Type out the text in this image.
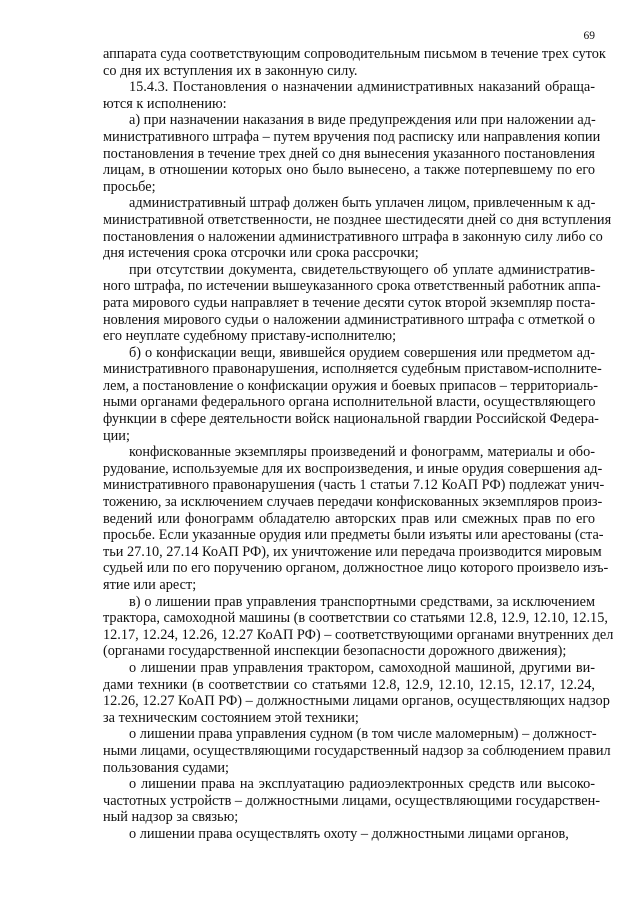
69
аппарата суда соответствующим сопроводительным письмом в течение трех суток
со дня их вступления их в законную силу.
15.4.3. Постановления о назначении административных наказаний обраща-
ются к исполнению:
а) при назначении наказания в виде предупреждения или при наложении ад-
министративного штрафа – путем вручения под расписку или направления копии
постановления в течение трех дней со дня вынесения указанного постановления
лицам, в отношении которых оно было вынесено, а также потерпевшему по его
просьбе;
административный штраф должен быть уплачен лицом, привлеченным к ад-
министративной ответственности, не позднее шестидесяти дней со дня вступления
постановления о наложении административного штрафа в законную силу либо со
дня истечения срока отсрочки или срока рассрочки;
при отсутствии документа, свидетельствующего об уплате административ-
ного штрафа, по истечении вышеуказанного срока ответственный работник аппа-
рата мирового судьи направляет в течение десяти суток второй экземпляр поста-
новления мирового судьи о наложении административного штрафа с отметкой о
его неуплате судебному приставу-исполнителю;
б) о конфискации вещи, явившейся орудием совершения или предметом ад-
министративного правонарушения, исполняется судебным приставом-исполните-
лем, а постановление о конфискации оружия и боевых припасов – территориаль-
ными органами федерального органа исполнительной власти, осуществляющего
функции в сфере деятельности войск национальной гвардии Российской Федера-
ции;
конфискованные экземпляры произведений и фонограмм, материалы и обо-
рудование, используемые для их воспроизведения, и иные орудия совершения ад-
министративного правонарушения (часть 1 статьи 7.12 КоАП РФ) подлежат унич-
тожению, за исключением случаев передачи конфискованных экземпляров произ-
ведений или фонограмм обладателю авторских прав или смежных прав по его
просьбе. Если указанные орудия или предметы были изъяты или арестованы (ста-
тьи 27.10, 27.14 КоАП РФ), их уничтожение или передача производится мировым
судьей или по его поручению органом, должностное лицо которого произвело изъ-
ятие или арест;
в) о лишении прав управления транспортными средствами, за исключением
трактора, самоходной машины (в соответствии со статьями 12.8, 12.9, 12.10, 12.15,
12.17, 12.24, 12.26, 12.27 КоАП РФ) – соответствующими органами внутренних дел
(органами государственной инспекции безопасности дорожного движения);
о лишении прав управления трактором, самоходной машиной, другими ви-
дами техники (в соответствии со статьями 12.8, 12.9, 12.10, 12.15, 12.17, 12.24,
12.26, 12.27 КоАП РФ) – должностными лицами органов, осуществляющих надзор
за техническим состоянием этой техники;
о лишении права управления судном (в том числе маломерным) – должност-
ными лицами, осуществляющими государственный надзор за соблюдением правил
пользования судами;
о лишении права на эксплуатацию радиоэлектронных средств или высоко-
частотных устройств – должностными лицами, осуществляющими государствен-
ный надзор за связью;
о лишении права осуществлять охоту – должностными лицами органов,
